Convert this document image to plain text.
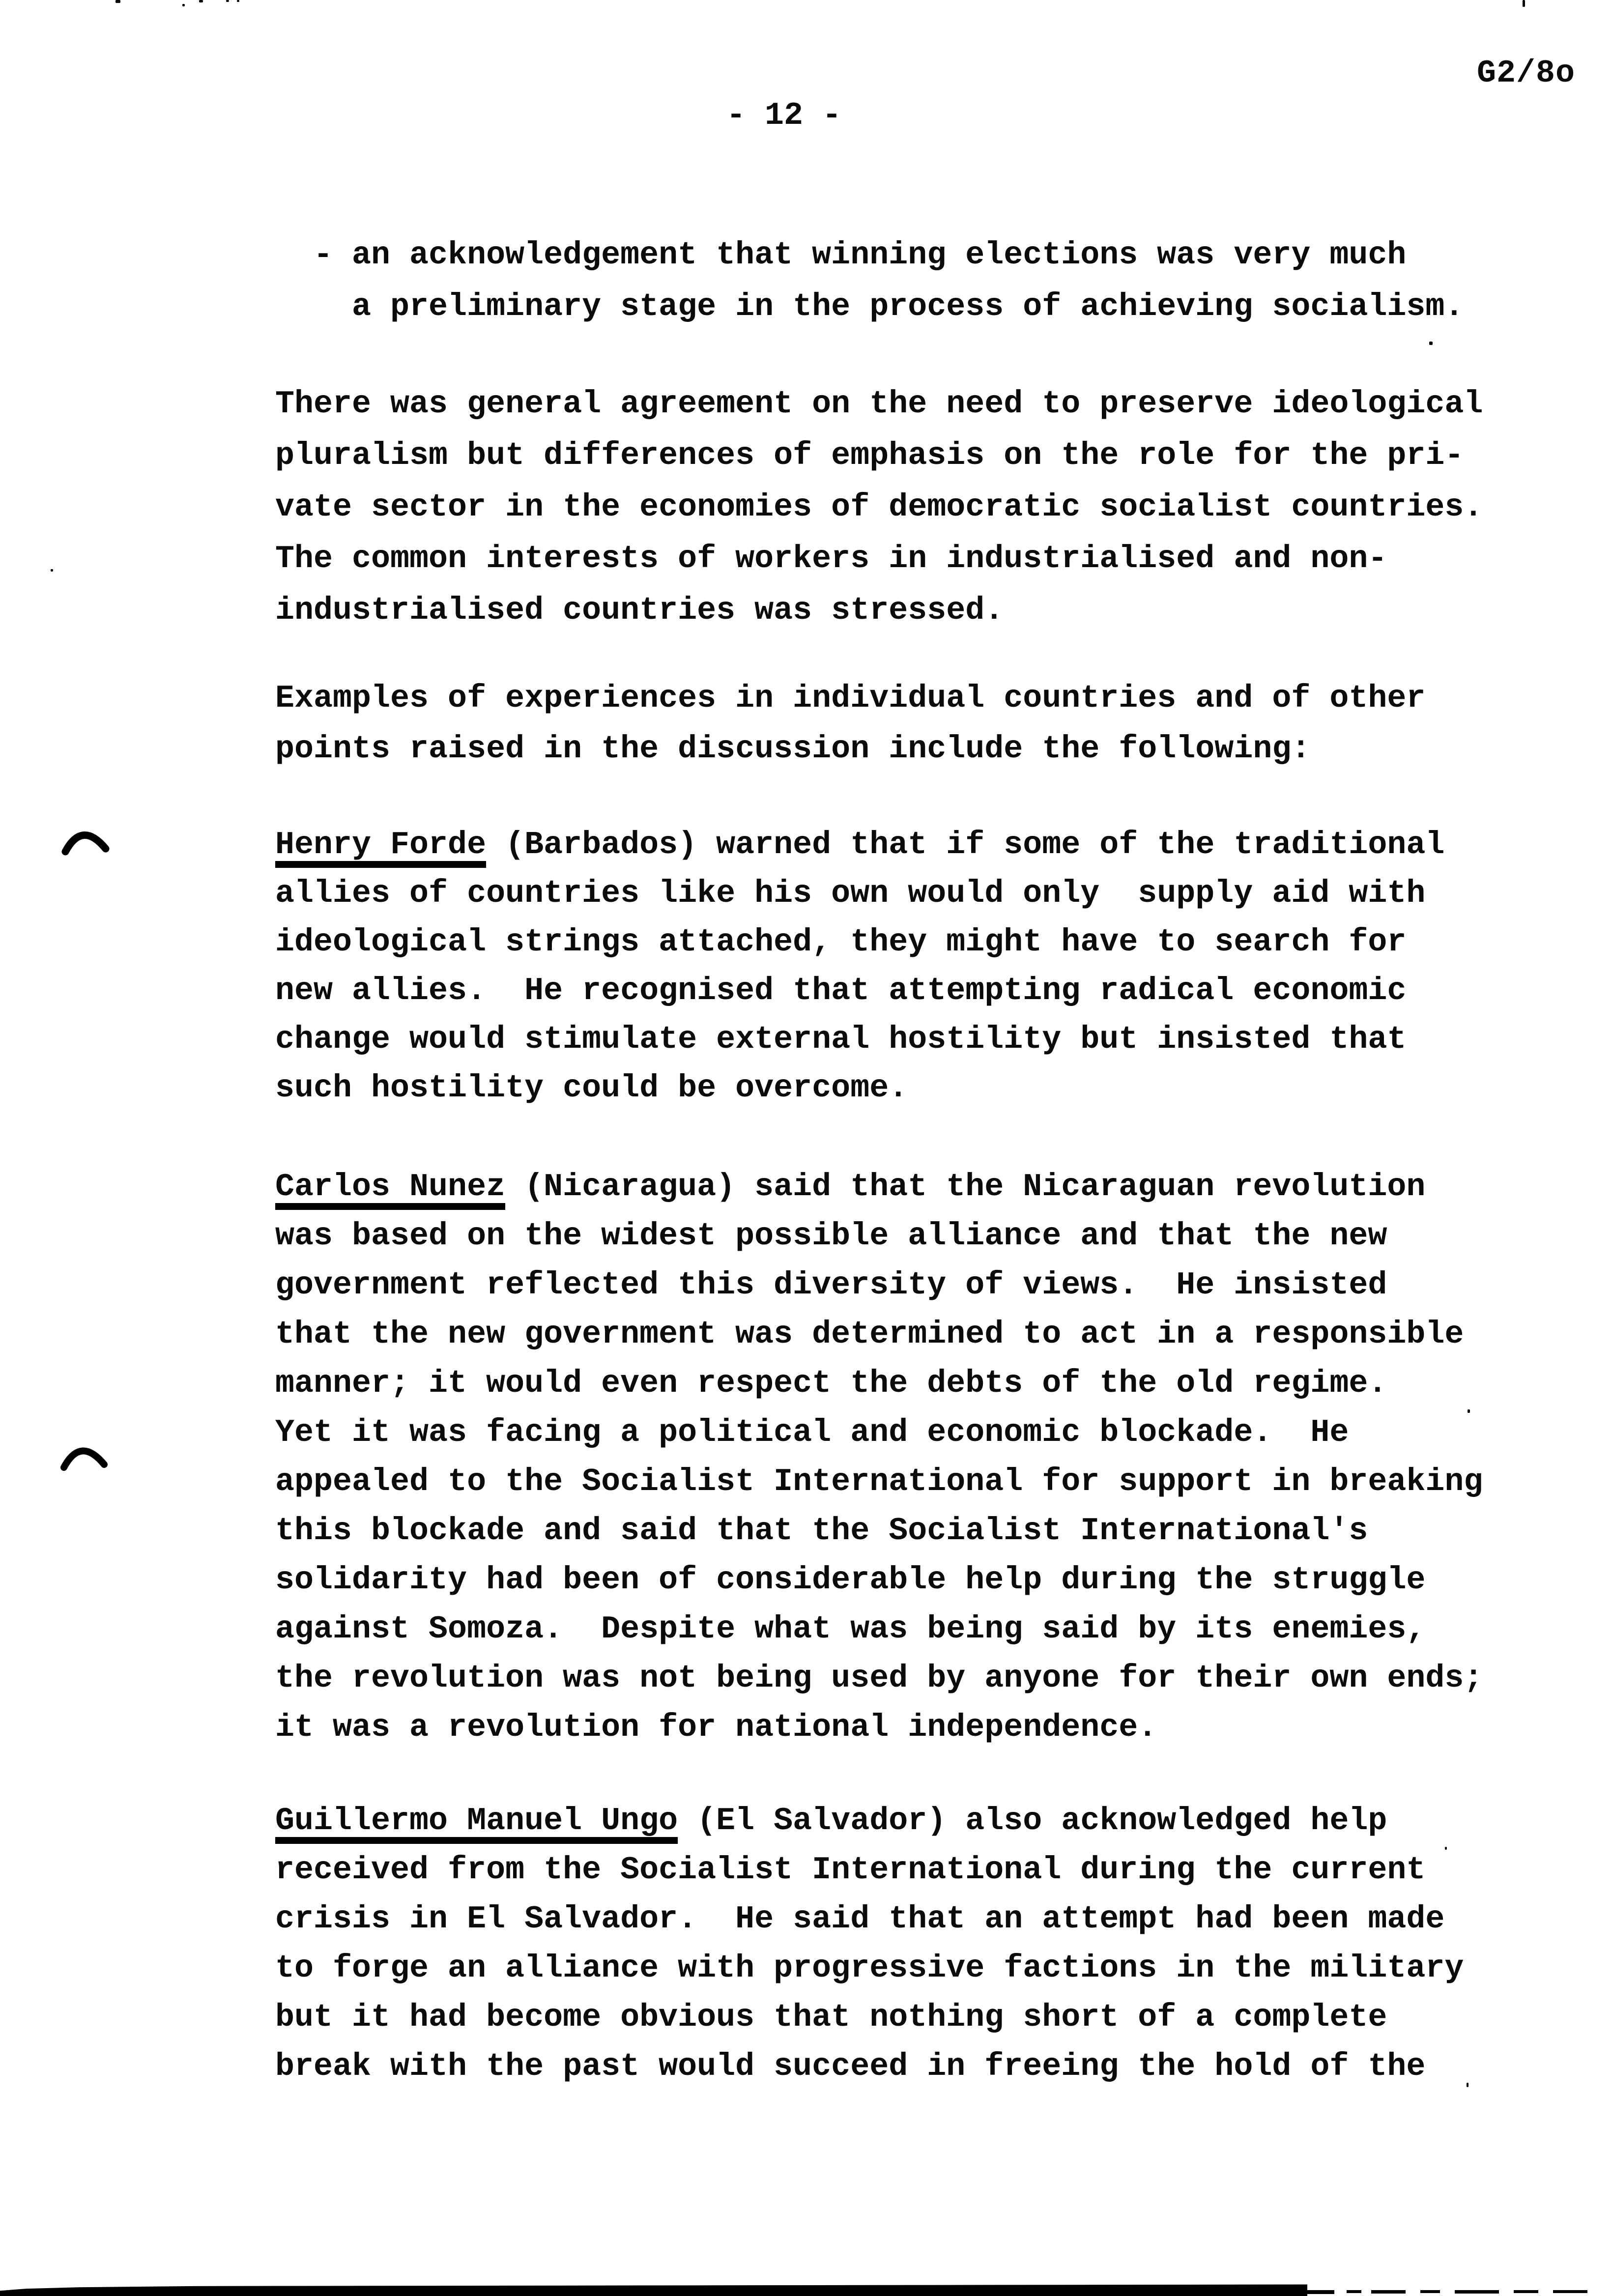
G2/8o
- 12 -
- an acknowledgement that winning elections was very much
a preliminary stage in the process of achieving socialism.
There was general agreement on the need to preserve ideological
pluralism but differences of emphasis on the role for the pri-
vate sector in the economies of democratic socialist countries.
The common interests of workers in industrialised and non-
industrialised countries was stressed.
Examples of experiences in individual countries and of other
points raised in the discussion include the following:
Henry Forde (Barbados) warned that if some of the traditional
allies of countries like his own would only  supply aid with
ideological strings attached, they might have to search for
new allies.  He recognised that attempting radical economic
change would stimulate external hostility but insisted that
such hostility could be overcome.
Carlos Nunez (Nicaragua) said that the Nicaraguan revolution
was based on the widest possible alliance and that the new
government reflected this diversity of views.  He insisted
that the new government was determined to act in a responsible
manner; it would even respect the debts of the old regime.
Yet it was facing a political and economic blockade.  He
appealed to the Socialist International for support in breaking
this blockade and said that the Socialist International's
solidarity had been of considerable help during the struggle
against Somoza.  Despite what was being said by its enemies,
the revolution was not being used by anyone for their own ends;
it was a revolution for national independence.
Guillermo Manuel Ungo (El Salvador) also acknowledged help
received from the Socialist International during the current
crisis in El Salvador.  He said that an attempt had been made
to forge an alliance with progressive factions in the military
but it had become obvious that nothing short of a complete
break with the past would succeed in freeing the hold of the
